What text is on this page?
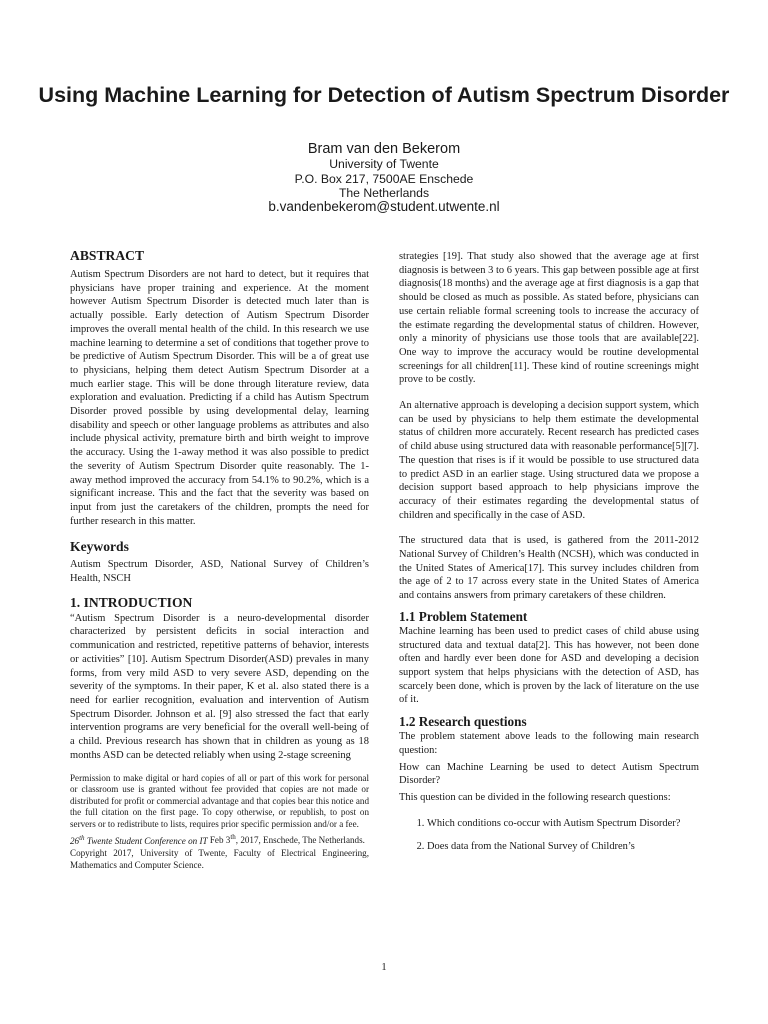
Using Machine Learning for Detection of Autism Spectrum Disorder
Bram van den Bekerom
University of Twente
P.O. Box 217, 7500AE Enschede
The Netherlands
b.vandenbekerom@student.utwente.nl
ABSTRACT

Autism Spectrum Disorders are not hard to detect, but it requires that physicians have proper training and experience. At the moment however Autism Spectrum Disorder is detected much later than is actually possible. Early detection of Autism Spectrum Disorder improves the overall mental health of the child. In this research we use machine learning to determine a set of conditions that together prove to be predictive of Autism Spectrum Disorder. This will be a of great use to physicians, helping them detect Autism Spectrum Disorder at a much earlier stage. This will be done through literature review, data exploration and evaluation. Predicting if a child has Autism Spectrum Disorder proved possible by using developmental delay, learning disability and speech or other language problems as attributes and also include physical activity, premature birth and birth weight to improve the accuracy. Using the 1-away method it was also possible to predict the severity of Autism Spectrum Disorder quite reasonably. The 1-away method improved the accuracy from 54.1% to 90.2%, which is a significant increase. This and the fact that the severity was based on input from just the caretakers of the children, prompts the need for further research in this matter.

Keywords

Autism Spectrum Disorder, ASD, National Survey of Children’s Health, NSCH

1. INTRODUCTION

“Autism Spectrum Disorder is a neuro-developmental disorder characterized by persistent deficits in social interaction and communication and restricted, repetitive patterns of behavior, interests or activities” [10]. Autism Spectrum Disorder(ASD) prevales in many forms, from very mild ASD to very severe ASD, depending on the severity of the symptoms. In their paper, K et al. also stated there is a need for earlier recognition, evaluation and intervention of Autism Spectrum Disorder. Johnson et al. [9] also stressed the fact that early intervention programs are very beneficial for the overall well-being of a child. Previous research has shown that in children as young as 18 months ASD can be detected reliably when using 2-stage screening

Permission to make digital or hard copies of all or part of this work for personal or classroom use is granted without fee provided that copies are not made or distributed for profit or commercial advantage and that copies bear this notice and the full citation on the first page. To copy otherwise, or republish, to post on servers or to redistribute to lists, requires prior specific permission and/or a fee.

26th Twente Student Conference on IT Feb 3th, 2017, Enschede, The Netherlands.

Copyright 2017, University of Twente, Faculty of Electrical Engineering, Mathematics and Computer Science.

strategies [19]. That study also showed that the average age at first diagnosis is between 3 to 6 years. This gap between possible age at first diagnosis(18 months) and the average age at first diagnosis is a gap that should be closed as much as possible. As stated before, physicians can use certain reliable formal screening tools to increase the accuracy of the estimate regarding the developmental status of children. However, only a minority of physicians use those tools that are available[22]. One way to improve the accuracy would be routine developmental screenings for all children[11]. These kind of routine screenings might prove to be costly.

An alternative approach is developing a decision support system, which can be used by physicians to help them estimate the developmental status of children more accurately. Recent research has predicted cases of child abuse using structured data with reasonable performance[5][7]. The question that rises is if it would be possible to use structured data to predict ASD in an earlier stage. Using structured data we propose a decision support based approach to help physicians improve the accuracy of their estimates regarding the developmental status of children and specifically in the case of ASD.

The structured data that is used, is gathered from the 2011-2012 National Survey of Children’s Health (NCSH), which was conducted in the United States of America[17]. This survey includes children from the age of 2 to 17 across every state in the United States of America and contains answers from primary caretakers of these children.

1.1 Problem Statement

Machine learning has been used to predict cases of child abuse using structured data and textual data[2]. This has however, not been done often and hardly ever been done for ASD and developing a decision support system that helps physicians with the detection of ASD, has scarcely been done, which is proven by the lack of literature on the use of it.

1.2 Research questions

The problem statement above leads to the following main research question:

How can Machine Learning be used to detect Autism Spectrum Disorder?

This question can be divided in the following research questions:

1. Which conditions co-occur with Autism Spectrum Disorder?
2. Does data from the National Survey of Children’s
1
